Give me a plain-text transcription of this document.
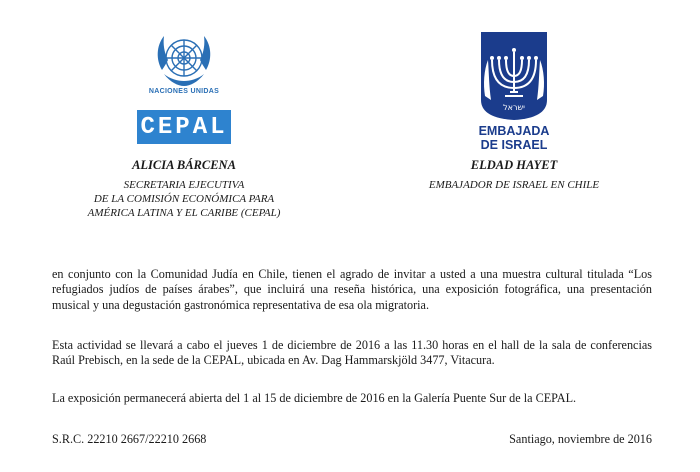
NACIONES UNIDAS
CEPAL
ישראל
EMBAJADA
DE ISRAEL
ALICIA BÁRCENA
SECRETARIA EJECUTIVA
DE LA COMISIÓN ECONÓMICA PARA
AMÉRICA LATINA Y EL CARIBE (CEPAL)
ELDAD HAYET
EMBAJADOR DE ISRAEL EN CHILE

en conjunto con la Comunidad Judía en Chile, tienen el agrado de invitar a usted a una muestra cultural titulada “Los refugiados judíos de países árabes”, que incluirá una reseña histórica, una exposición fotográfica, una presentación musical y una degustación gastronómica representativa de esa ola migratoria.

Esta actividad se llevará a cabo el jueves 1 de diciembre de 2016 a las 11.30 horas en el hall de la sala de conferencias Raúl Prebisch, en la sede de la CEPAL, ubicada en Av. Dag Hammarskjöld 3477, Vitacura.

La exposición permanecerá abierta del 1 al 15 de diciembre de 2016 en la Galería Puente Sur de la CEPAL.

S.R.C. 22210 2667/22210 2668	Santiago, noviembre de 2016
